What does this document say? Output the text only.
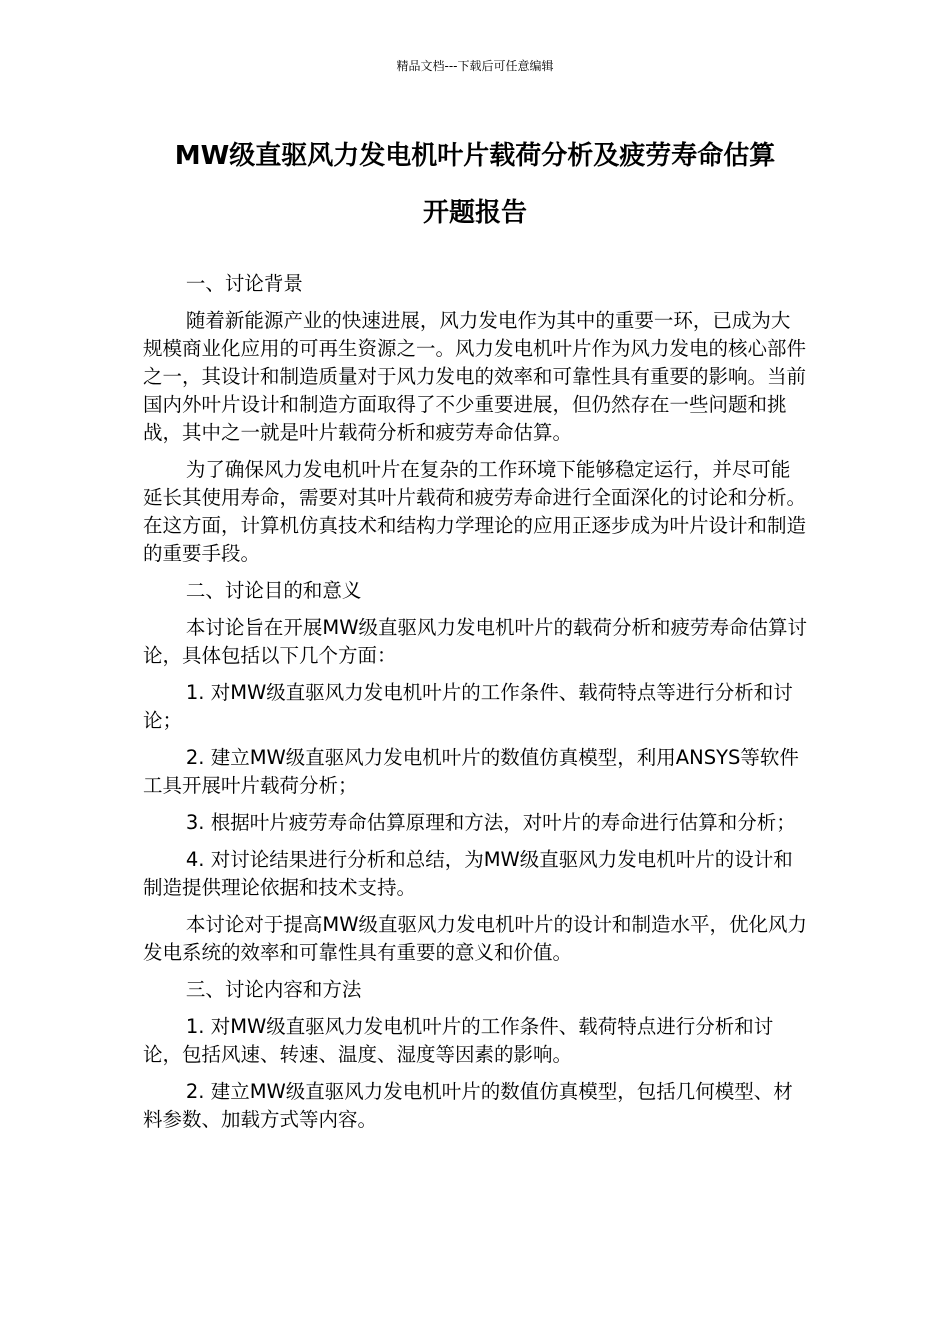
精品文档---下载后可任意编辑
MW级直驱风力发电机叶片载荷分析及疲劳寿命估算
开题报告

一、讨论背景

随着新能源产业的快速进展，风力发电作为其中的重要一环，已成为大规模商业化应用的可再生资源之一。风力发电机叶片作为风力发电的核心部件之一，其设计和制造质量对于风力发电的效率和可靠性具有重要的影响。当前国内外叶片设计和制造方面取得了不少重要进展，但仍然存在一些问题和挑战，其中之一就是叶片载荷分析和疲劳寿命估算。

为了确保风力发电机叶片在复杂的工作环境下能够稳定运行，并尽可能延长其使用寿命，需要对其叶片载荷和疲劳寿命进行全面深化的讨论和分析。在这方面，计算机仿真技术和结构力学理论的应用正逐步成为叶片设计和制造的重要手段。

二、讨论目的和意义

本讨论旨在开展MW级直驱风力发电机叶片的载荷分析和疲劳寿命估算讨论，具体包括以下几个方面：

1. 对MW级直驱风力发电机叶片的工作条件、载荷特点等进行分析和讨论；

2. 建立MW级直驱风力发电机叶片的数值仿真模型，利用ANSYS等软件工具开展叶片载荷分析；

3. 根据叶片疲劳寿命估算原理和方法，对叶片的寿命进行估算和分析；

4. 对讨论结果进行分析和总结，为MW级直驱风力发电机叶片的设计和制造提供理论依据和技术支持。

本讨论对于提高MW级直驱风力发电机叶片的设计和制造水平，优化风力发电系统的效率和可靠性具有重要的意义和价值。

三、讨论内容和方法

1. 对MW级直驱风力发电机叶片的工作条件、载荷特点进行分析和讨论，包括风速、转速、温度、湿度等因素的影响。

2. 建立MW级直驱风力发电机叶片的数值仿真模型，包括几何模型、材料参数、加载方式等内容。
